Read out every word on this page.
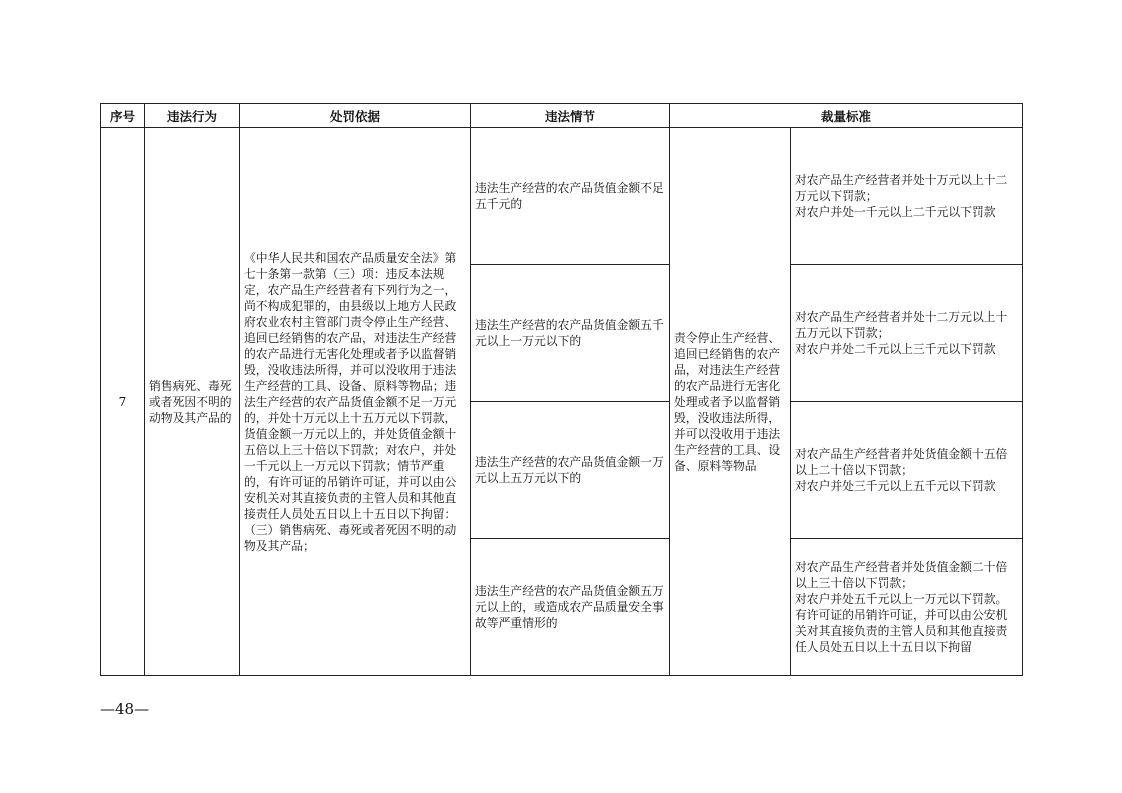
序号	违法行为	处罚依据	违法情节	裁量标准	
7	销售病死、毒死或者死因不明的动物及其产品的	《中华人民共和国农产品质量安全法》第七十条第一款第（三）项：违反本法规定，农产品生产经营者有下列行为之一，尚不构成犯罪的，由县级以上地方人民政府农业农村主管部门责令停止生产经营、追回已经销售的农产品，对违法生产经营的农产品进行无害化处理或者予以监督销毁，没收违法所得，并可以没收用于违法生产经营的工具、设备、原料等物品；违法生产经营的农产品货值金额不足一万元的，并处十万元以上十五万元以下罚款，货值金额一万元以上的，并处货值金额十五倍以上三十倍以下罚款；对农户，并处一千元以上一万元以下罚款；情节严重的，有许可证的吊销许可证，并可以由公安机关对其直接负责的主管人员和其他直接责任人员处五日以上十五日以下拘留：（三）销售病死、毒死或者死因不明的动物及其产品；	违法生产经营的农产品货值金额不足五千元的	责令停止生产经营、追回已经销售的农产品，对违法生产经营的农产品进行无害化处理或者予以监督销毁，没收违法所得，并可以没收用于违法生产经营的工具、设备、原料等物品	对农产品生产经营者并处十万元以上十二万元以下罚款；
对农户并处一千元以上二千元以下罚款
			违法生产经营的农产品货值金额五千元以上一万元以下的		对农产品生产经营者并处十二万元以上十五万元以下罚款；
对农户并处二千元以上三千元以下罚款
			违法生产经营的农产品货值金额一万元以上五万元以下的		对农产品生产经营者并处货值金额十五倍以上二十倍以下罚款；
对农户并处三千元以上五千元以下罚款
			违法生产经营的农产品货值金额五万元以上的，或造成农产品质量安全事故等严重情形的		对农产品生产经营者并处货值金额二十倍以上三十倍以下罚款；
对农户并处五千元以上一万元以下罚款。有许可证的吊销许可证，并可以由公安机关对其直接负责的主管人员和其他直接责任人员处五日以上十五日以下拘留
—48—
